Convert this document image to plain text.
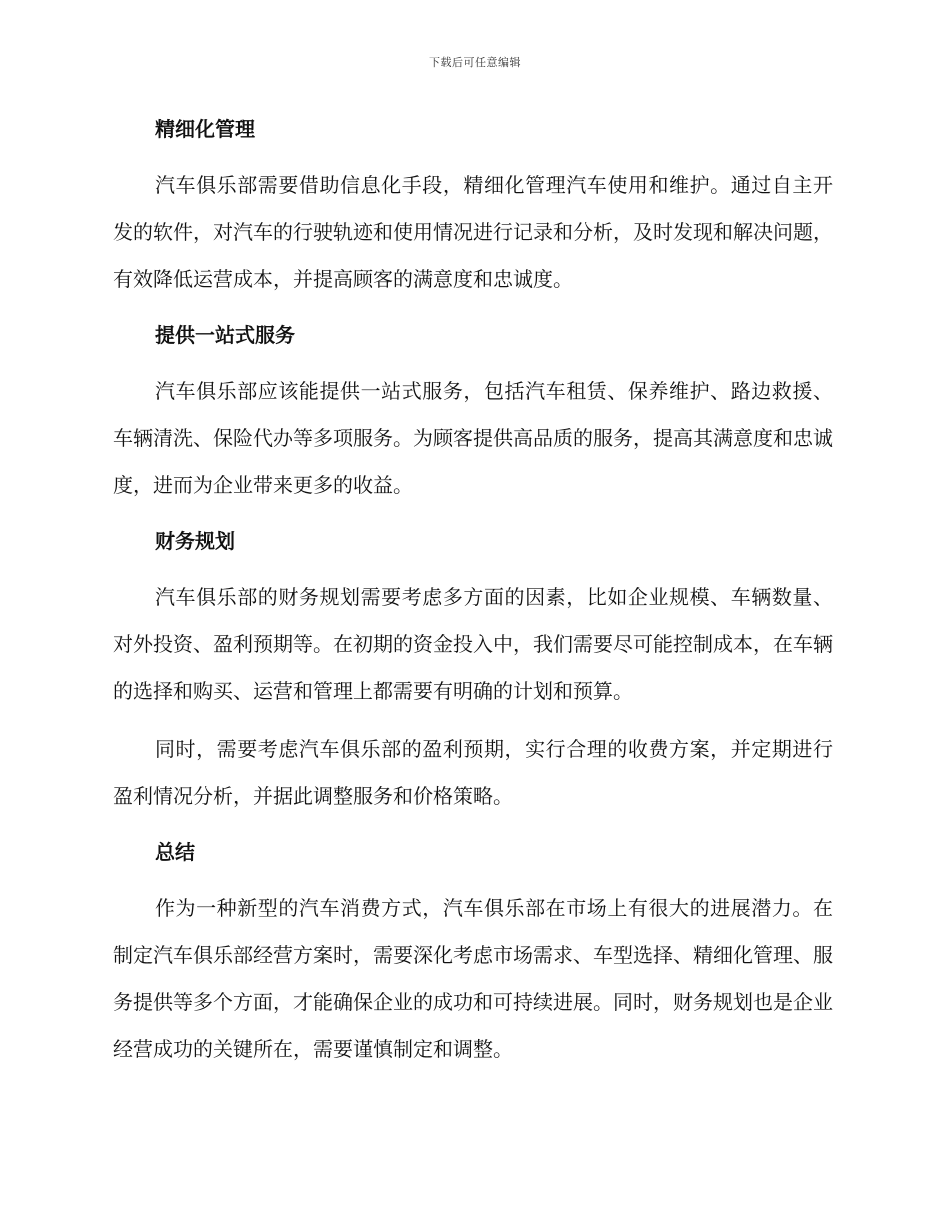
下载后可任意编辑
精细化管理

汽车俱乐部需要借助信息化手段，精细化管理汽车使用和维护。通过自主开发的软件，对汽车的行驶轨迹和使用情况进行记录和分析，及时发现和解决问题，有效降低运营成本，并提高顾客的满意度和忠诚度。

提供一站式服务

汽车俱乐部应该能提供一站式服务，包括汽车租赁、保养维护、路边救援、车辆清洗、保险代办等多项服务。为顾客提供高品质的服务，提高其满意度和忠诚度，进而为企业带来更多的收益。

财务规划

汽车俱乐部的财务规划需要考虑多方面的因素，比如企业规模、车辆数量、对外投资、盈利预期等。在初期的资金投入中，我们需要尽可能控制成本，在车辆的选择和购买、运营和管理上都需要有明确的计划和预算。

同时，需要考虑汽车俱乐部的盈利预期，实行合理的收费方案，并定期进行盈利情况分析，并据此调整服务和价格策略。

总结

作为一种新型的汽车消费方式，汽车俱乐部在市场上有很大的进展潜力。在制定汽车俱乐部经营方案时，需要深化考虑市场需求、车型选择、精细化管理、服务提供等多个方面，才能确保企业的成功和可持续进展。同时，财务规划也是企业经营成功的关键所在，需要谨慎制定和调整。
